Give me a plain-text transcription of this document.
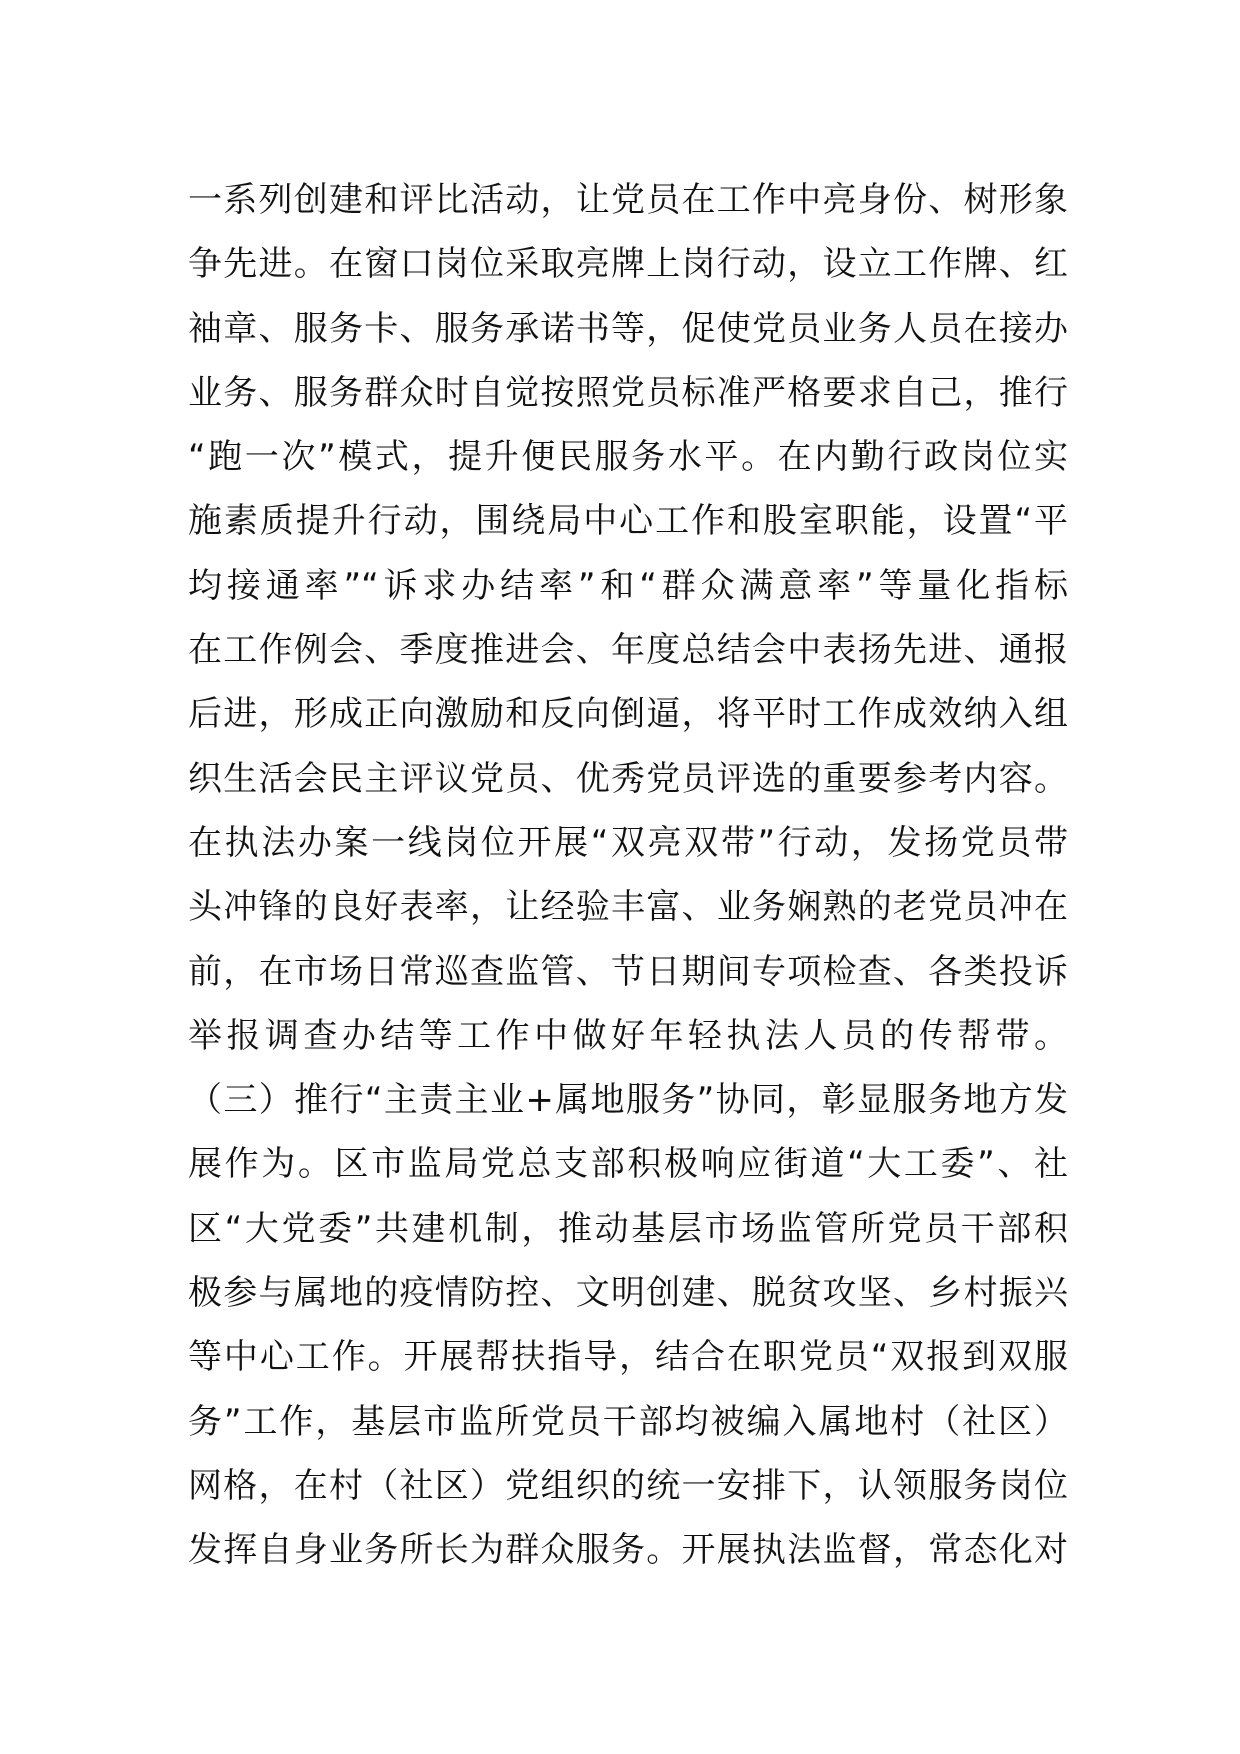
一系列创建和评比活动，让党员在工作中亮身份、树形象
争先进。在窗口岗位采取亮牌上岗行动，设立工作牌、红
袖章、服务卡、服务承诺书等，促使党员业务人员在接办
业务、服务群众时自觉按照党员标准严格要求自己，推行
“跑一次”模式，提升便民服务水平。在内勤行政岗位实
施素质提升行动，围绕局中心工作和股室职能，设置“平
均接通率”“诉求办结率”和“群众满意率”等量化指标
在工作例会、季度推进会、年度总结会中表扬先进、通报
后进，形成正向激励和反向倒逼，将平时工作成效纳入组
织生活会民主评议党员、优秀党员评选的重要参考内容。
在执法办案一线岗位开展“双亮双带”行动，发扬党员带
头冲锋的良好表率，让经验丰富、业务娴熟的老党员冲在
前，在市场日常巡查监管、节日期间专项检查、各类投诉
举报调查办结等工作中做好年轻执法人员的传帮带。
（三）推行“主责主业+属地服务”协同，彰显服务地方发
展作为。区市监局党总支部积极响应街道“大工委”、社
区“大党委”共建机制，推动基层市场监管所党员干部积
极参与属地的疫情防控、文明创建、脱贫攻坚、乡村振兴
等中心工作。开展帮扶指导，结合在职党员“双报到双服
务”工作，基层市监所党员干部均被编入属地村（社区）
网格，在村（社区）党组织的统一安排下，认领服务岗位
发挥自身业务所长为群众服务。开展执法监督，常态化对
